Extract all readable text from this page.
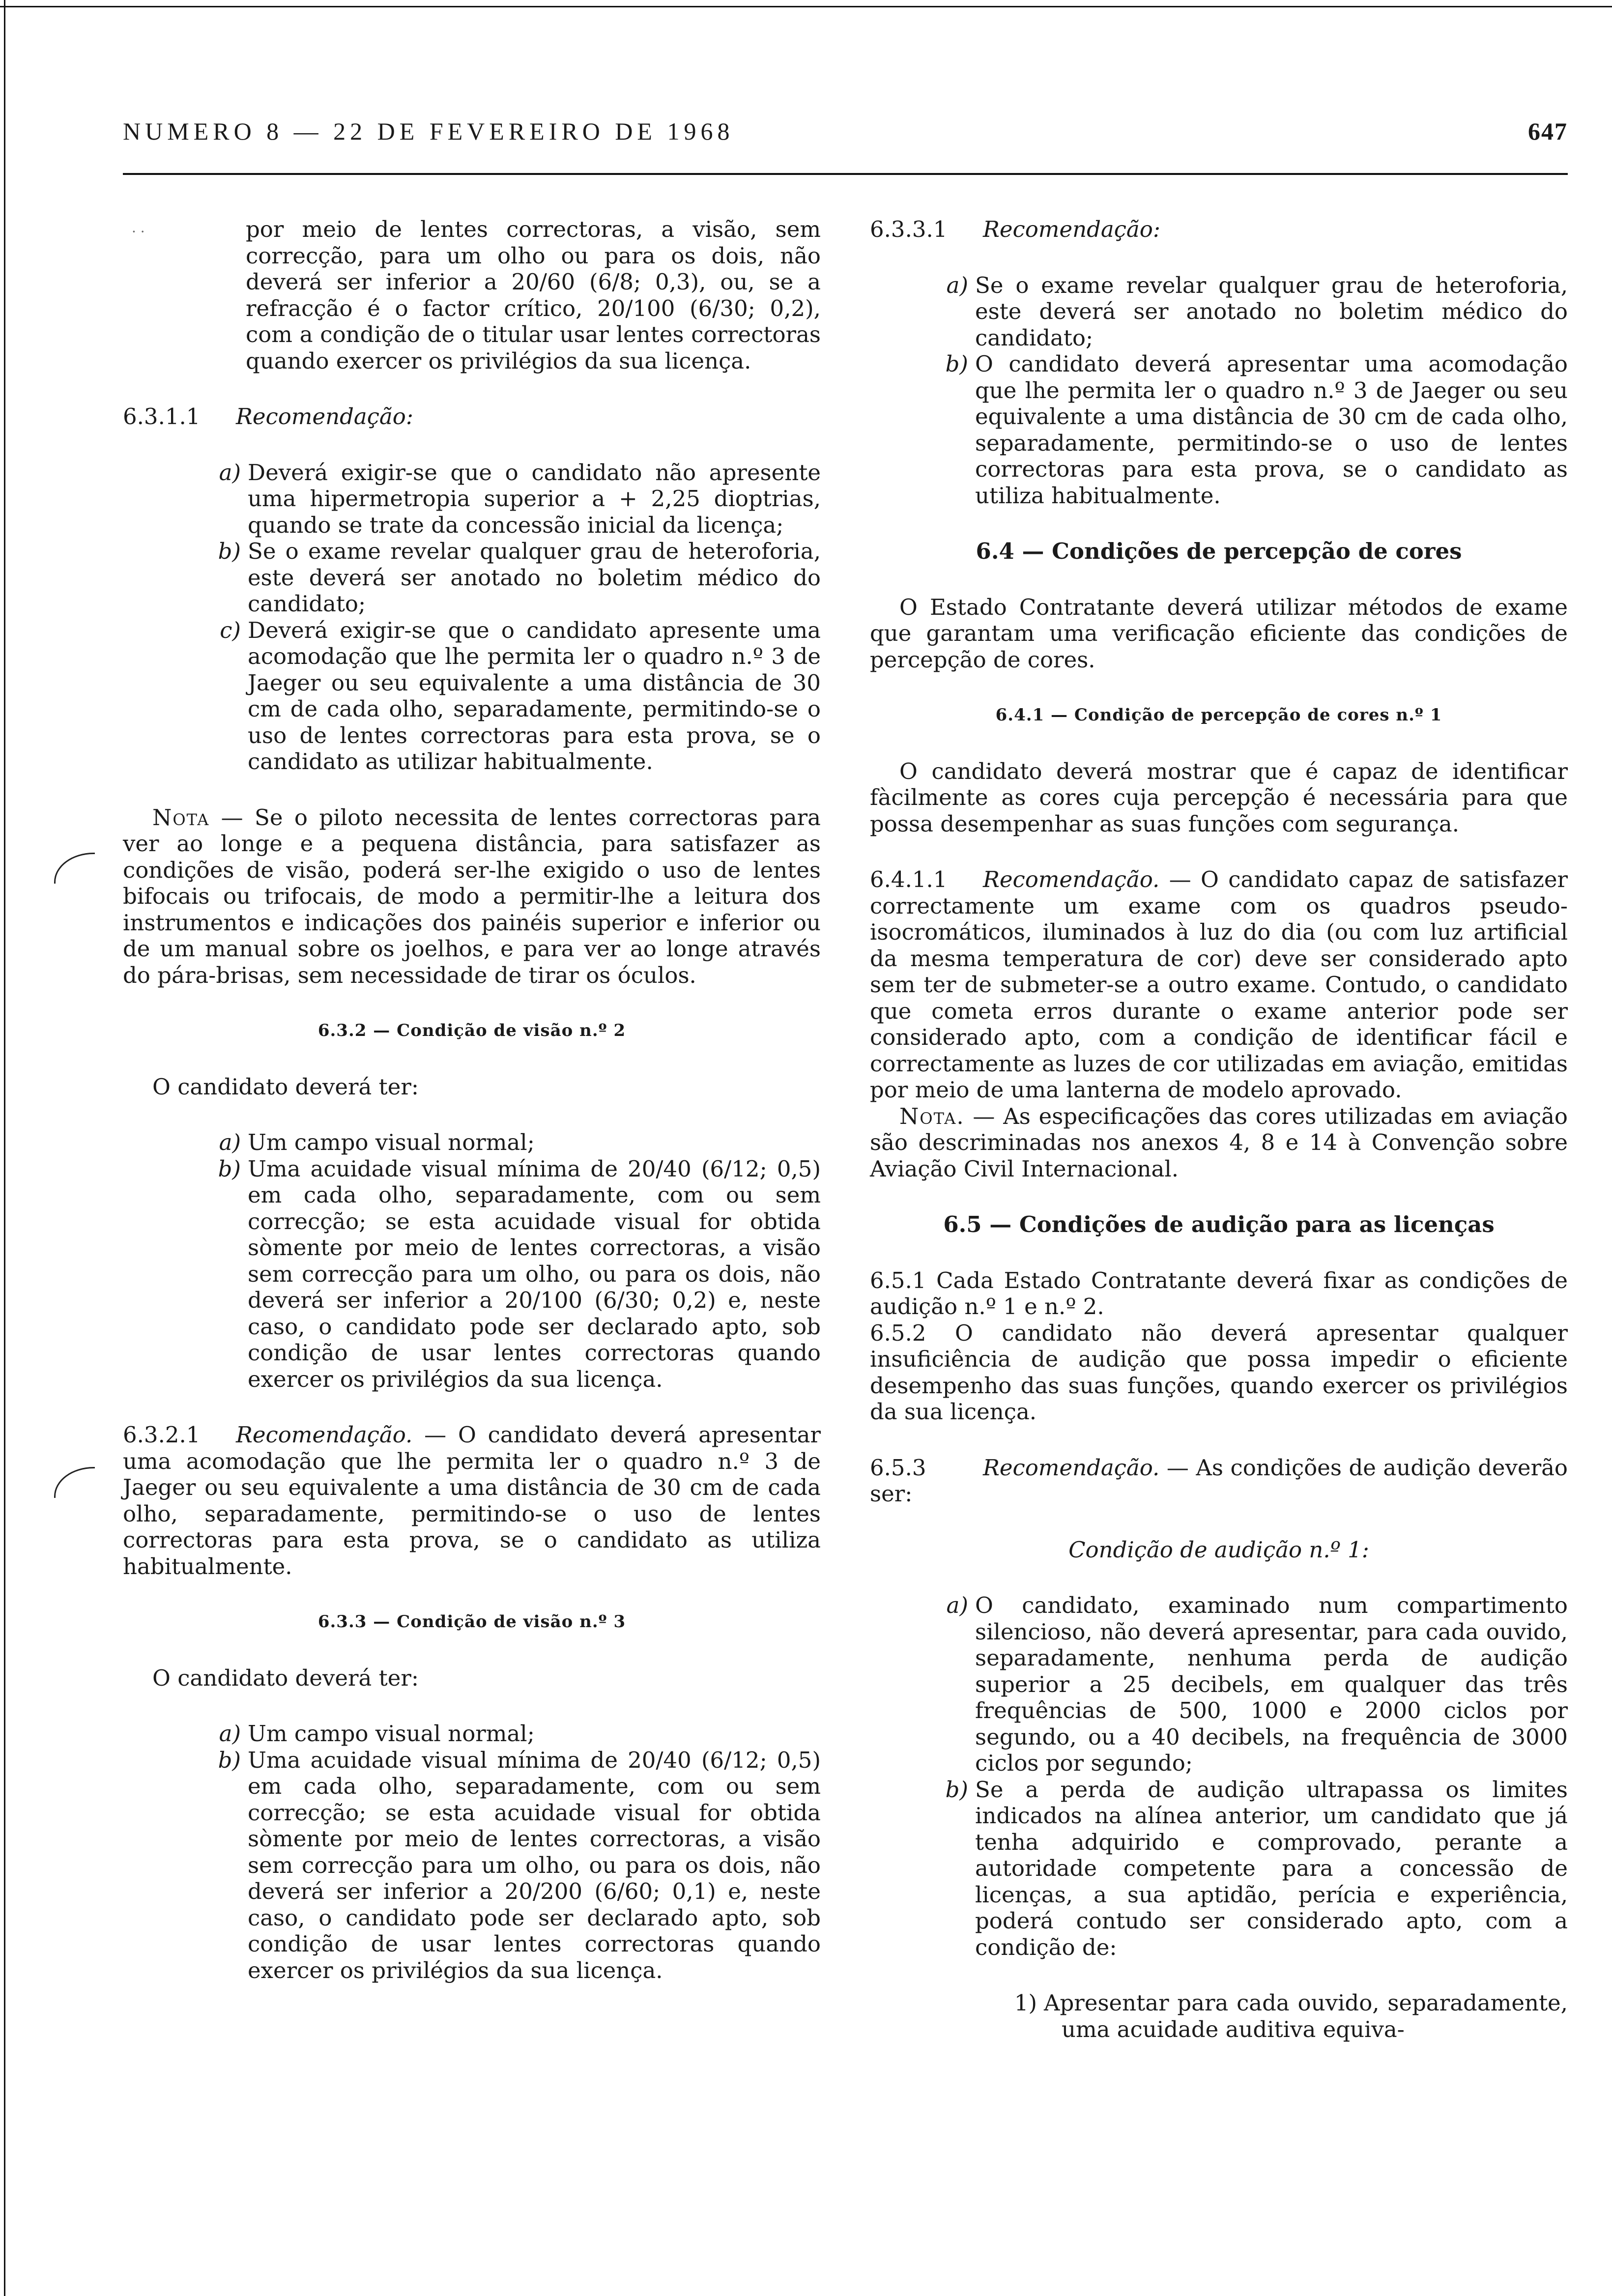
NUMERO 8 — 22 DE FEVEREIRO DE 1968	647
· ·	por meio de lentes correctoras, a visão, sem correcção, para um olho ou para os dois, não deverá ser inferior a 20/60 (6/8; 0,3), ou, se a refracção é o factor crítico, 20/100 (6/30; 0,2), com a condição de o titular usar lentes correctoras quando exercer os privilégios da sua licença.

6.3.1.1 Recomendação:

a) Deverá exigir-se que o candidato não apresente uma hipermetropia superior a + 2,25 dioptrias, quando se trate da concessão inicial da licença;
b) Se o exame revelar qualquer grau de heteroforia, este deverá ser anotado no boletim médico do candidato;
c) Deverá exigir-se que o candidato apresente uma acomodação que lhe permita ler o quadro n.º 3 de Jaeger ou seu equivalente a uma distância de 30 cm de cada olho, separadamente, permitindo-se o uso de lentes correctoras para esta prova, se o candidato as utilizar habitualmente.

Nota — Se o piloto necessita de lentes correctoras para ver ao longe e a pequena distância, para satisfazer as condições de visão, poderá ser-lhe exigido o uso de lentes bifocais ou trifocais, de modo a permitir-lhe a leitura dos instrumentos e indicações dos painéis superior e inferior ou de um manual sobre os joelhos, e para ver ao longe através do pára-brisas, sem necessidade de tirar os óculos.

6.3.2 — Condição de visão n.º 2

O candidato deverá ter:

a) Um campo visual normal;
b) Uma acuidade visual mínima de 20/40 (6/12; 0,5) em cada olho, separadamente, com ou sem correcção; se esta acuidade visual for obtida sòmente por meio de lentes correctoras, a visão sem correcção para um olho, ou para os dois, não deverá ser inferior a 20/100 (6/30; 0,2) e, neste caso, o candidato pode ser declarado apto, sob condição de usar lentes correctoras quando exercer os privilégios da sua licença.

6.3.2.1 Recomendação. — O candidato deverá apresentar uma acomodação que lhe permita ler o quadro n.º 3 de Jaeger ou seu equivalente a uma distância de 30 cm de cada olho, separadamente, permitindo-se o uso de lentes correctoras para esta prova, se o candidato as utiliza habitualmente.

6.3.3 — Condição de visão n.º 3

O candidato deverá ter:

a) Um campo visual normal;
b) Uma acuidade visual mínima de 20/40 (6/12; 0,5) em cada olho, separadamente, com ou sem correcção; se esta acuidade visual for obtida sòmente por meio de lentes correctoras, a visão sem correcção para um olho, ou para os dois, não deverá ser inferior a 20/200 (6/60; 0,1) e, neste caso, o candidato pode ser declarado apto, sob condição de usar lentes correctoras quando exercer os privilégios da sua licença.

6.3.3.1 Recomendação:

a) Se o exame revelar qualquer grau de heteroforia, este deverá ser anotado no boletim médico do candidato;
b) O candidato deverá apresentar uma acomodação que lhe permita ler o quadro n.º 3 de Jaeger ou seu equivalente a uma distância de 30 cm de cada olho, separadamente, permitindo-se o uso de lentes correctoras para esta prova, se o candidato as utiliza habitualmente.

6.4 — Condições de percepção de cores

O Estado Contratante deverá utilizar métodos de exame que garantam uma verificação eficiente das condições de percepção de cores.

6.4.1 — Condição de percepção de cores n.º 1

O candidato deverá mostrar que é capaz de identificar fàcilmente as cores cuja percepção é necessária para que possa desempenhar as suas funções com segurança.

6.4.1.1 Recomendação. — O candidato capaz de satisfazer correctamente um exame com os quadros pseudo-isocromáticos, iluminados à luz do dia (ou com luz artificial da mesma temperatura de cor) deve ser considerado apto sem ter de submeter-se a outro exame. Contudo, o candidato que cometa erros durante o exame anterior pode ser considerado apto, com a condição de identificar fácil e correctamente as luzes de cor utilizadas em aviação, emitidas por meio de uma lanterna de modelo aprovado.

Nota. — As especificações das cores utilizadas em aviação são descriminadas nos anexos 4, 8 e 14 à Convenção sobre Aviação Civil Internacional.

6.5 — Condições de audição para as licenças

6.5.1 Cada Estado Contratante deverá fixar as condições de audição n.º 1 e n.º 2.

6.5.2 O candidato não deverá apresentar qualquer insuficiência de audição que possa impedir o eficiente desempenho das suas funções, quando exercer os privilégios da sua licença.

6.5.3	Recomendação. — As condições de audição deverão ser:

Condição de audição n.º 1:

a) O candidato, examinado num compartimento silencioso, não deverá apresentar, para cada ouvido, separadamente, nenhuma perda de audição superior a 25 decibels, em qualquer das três frequências de 500, 1000 e 2000 ciclos por segundo, ou a 40 decibels, na frequência de 3000 ciclos por segundo;
b) Se a perda de audição ultrapassa os limites indicados na alínea anterior, um candidato que já tenha adquirido e comprovado, perante a autoridade competente para a concessão de licenças, a sua aptidão, perícia e experiência, poderá contudo ser considerado apto, com a condição de:
1) Apresentar para cada ouvido, separadamente, uma acuidade auditiva equiva-
